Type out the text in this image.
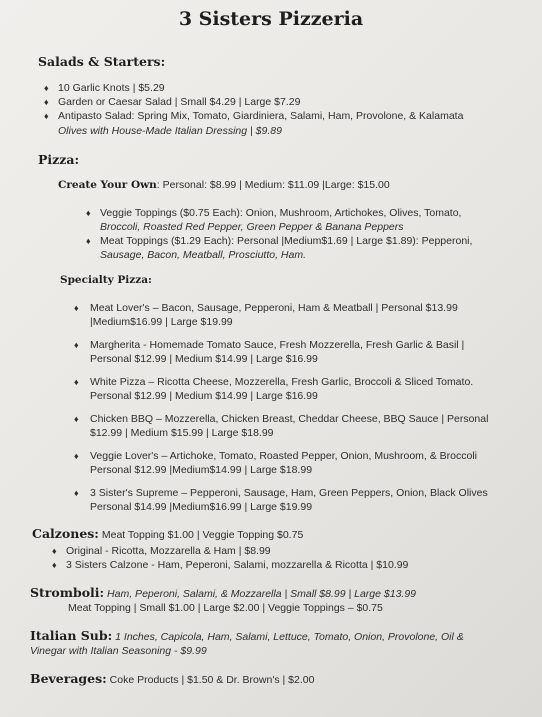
3 Sisters Pizzeria
Salads & Starters:
♦ 10 Garlic Knots | $5.29
♦ Garden or Caesar Salad | Small $4.29 | Large $7.29
♦ Antipasto Salad: Spring Mix, Tomato, Giardiniera, Salami, Ham, Provolone, & Kalamata
Olives with House-Made Italian Dressing | $9.89
Pizza:
Create Your Own: Personal: $8.99 | Medium: $11.09 |Large: $15.00
♦ Veggie Toppings ($0.75 Each): Onion, Mushroom, Artichokes, Olives, Tomato,
Broccoli, Roasted Red Pepper, Green Pepper & Banana Peppers
♦ Meat Toppings ($1.29 Each): Personal |Medium$1.69 | Large $1.89): Pepperoni,
Sausage, Bacon, Meatball, Prosciutto, Ham.
Specialty Pizza:
♦ Meat Lover's – Bacon, Sausage, Pepperoni, Ham & Meatball | Personal $13.99
|Medium$16.99 | Large $19.99
♦ Margherita - Homemade Tomato Sauce, Fresh Mozzerella, Fresh Garlic & Basil |
Personal $12.99 | Medium $14.99 | Large $16.99
♦ White Pizza – Ricotta Cheese, Mozzerella, Fresh Garlic, Broccoli & Sliced Tomato.
Personal $12.99 | Medium $14.99 | Large $16.99
♦ Chicken BBQ – Mozzerella, Chicken Breast, Cheddar Cheese, BBQ Sauce | Personal
$12.99 | Medium $15.99 | Large $18.99
♦ Veggie Lover's – Artichoke, Tomato, Roasted Pepper, Onion, Mushroom, & Broccoli
Personal $12.99 |Medium$14.99 | Large $18.99
♦ 3 Sister's Supreme – Pepperoni, Sausage, Ham, Green Peppers, Onion, Black Olives
Personal $14.99 |Medium$16.99 | Large $19.99
Calzones: Meat Topping $1.00 | Veggie Topping $0.75
♦ Original - Ricotta, Mozzarella & Ham | $8.99
♦ 3 Sisters Calzone - Ham, Peperoni, Salami, mozzarella & Ricotta | $10.99
Stromboli: Ham, Peperoni, Salami, & Mozzarella | Small $8.99 | Large $13.99
Meat Topping | Small $1.00 | Large $2.00 | Veggie Toppings – $0.75
Italian Sub: 1 Inches, Capicola, Ham, Salami, Lettuce, Tomato, Onion, Provolone, Oil &
Vinegar with Italian Seasoning - $9.99
Beverages: Coke Products | $1.50 & Dr. Brown's | $2.00
